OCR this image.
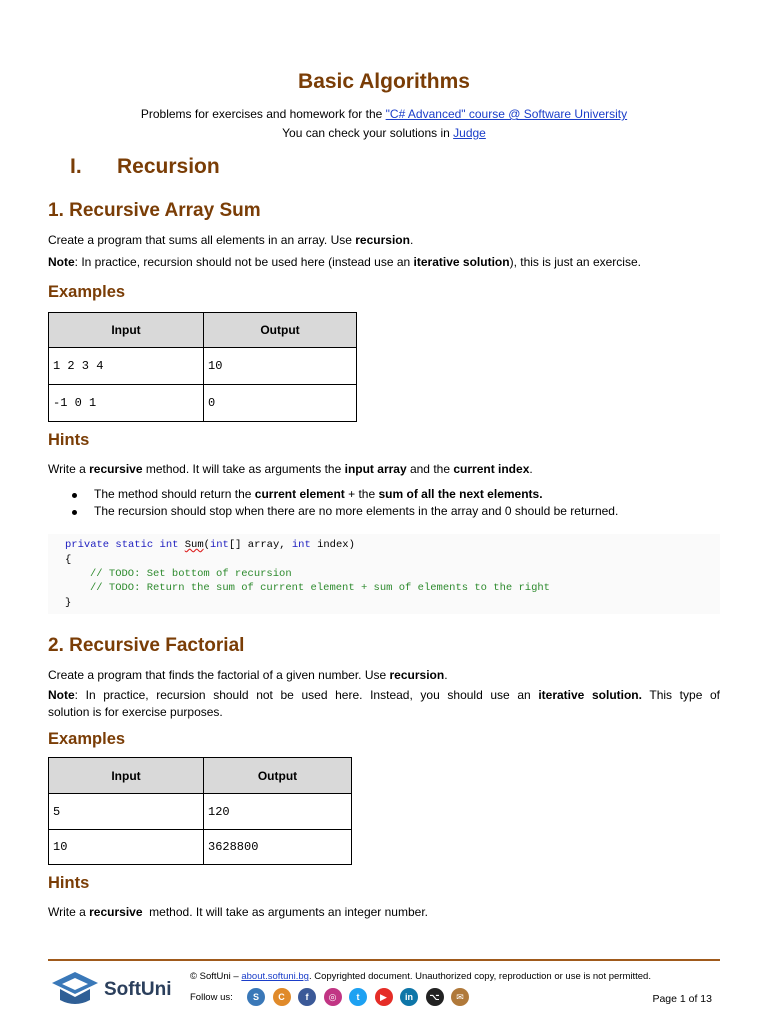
Basic Algorithms
Problems for exercises and homework for the "C# Advanced" course @ Software University
You can check your solutions in Judge
I. Recursion
1. Recursive Array Sum
Create a program that sums all elements in an array. Use recursion.
Note: In practice, recursion should not be used here (instead use an iterative solution), this is just an exercise.
Examples
Input	Output
1 2 3 4	10
-1 0 1	0
Hints
Write a recursive method. It will take as arguments the input array and the current index.
The method should return the current element + the sum of all the next elements.
The recursion should stop when there are no more elements in the array and 0 should be returned.
private static int Sum(int[] array, int index)
{
// TODO: Set bottom of recursion
// TODO: Return the sum of current element + sum of elements to the right
}
2. Recursive Factorial
Create a program that finds the factorial of a given number. Use recursion.
Note: In practice, recursion should not be used here. Instead, you should use an iterative solution. This type of
solution is for exercise purposes.
Examples
Input	Output
5	120
10	3628800
Hints
Write a recursive  method. It will take as arguments an integer number.
SoftUni
© SoftUni – about.softuni.bg. Copyrighted document. Unauthorized copy, reproduction or use is not permitted.
Follow us:	S	C	f	◎	t	▶	in	⌥	✉	Page 1 of 13
